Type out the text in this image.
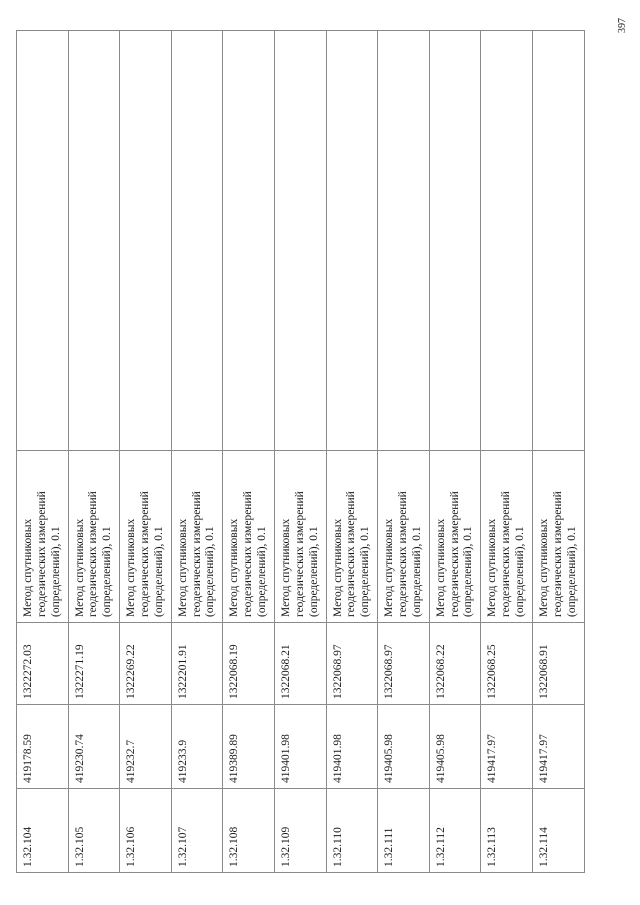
397
1.32.104	419178.59	1322272.03	Метод спутниковых геодезических измерений (определений), 0.1	
1.32.105	419230.74	1322271.19	Метод спутниковых геодезических измерений (определений), 0.1	
1.32.106	419232.7	1322269.22	Метод спутниковых геодезических измерений (определений), 0.1	
1.32.107	419233.9	1322201.91	Метод спутниковых геодезических измерений (определений), 0.1	
1.32.108	419389.89	1322068.19	Метод спутниковых геодезических измерений (определений), 0.1	
1.32.109	419401.98	1322068.21	Метод спутниковых геодезических измерений (определений), 0.1	
1.32.110	419401.98	1322068.97	Метод спутниковых геодезических измерений (определений), 0.1	
1.32.111	419405.98	1322068.97	Метод спутниковых геодезических измерений (определений), 0.1	
1.32.112	419405.98	1322068.22	Метод спутниковых геодезических измерений (определений), 0.1	
1.32.113	419417.97	1322068.25	Метод спутниковых геодезических измерений (определений), 0.1	
1.32.114	419417.97	1322068.91	Метод спутниковых геодезических измерений (определений), 0.1	
